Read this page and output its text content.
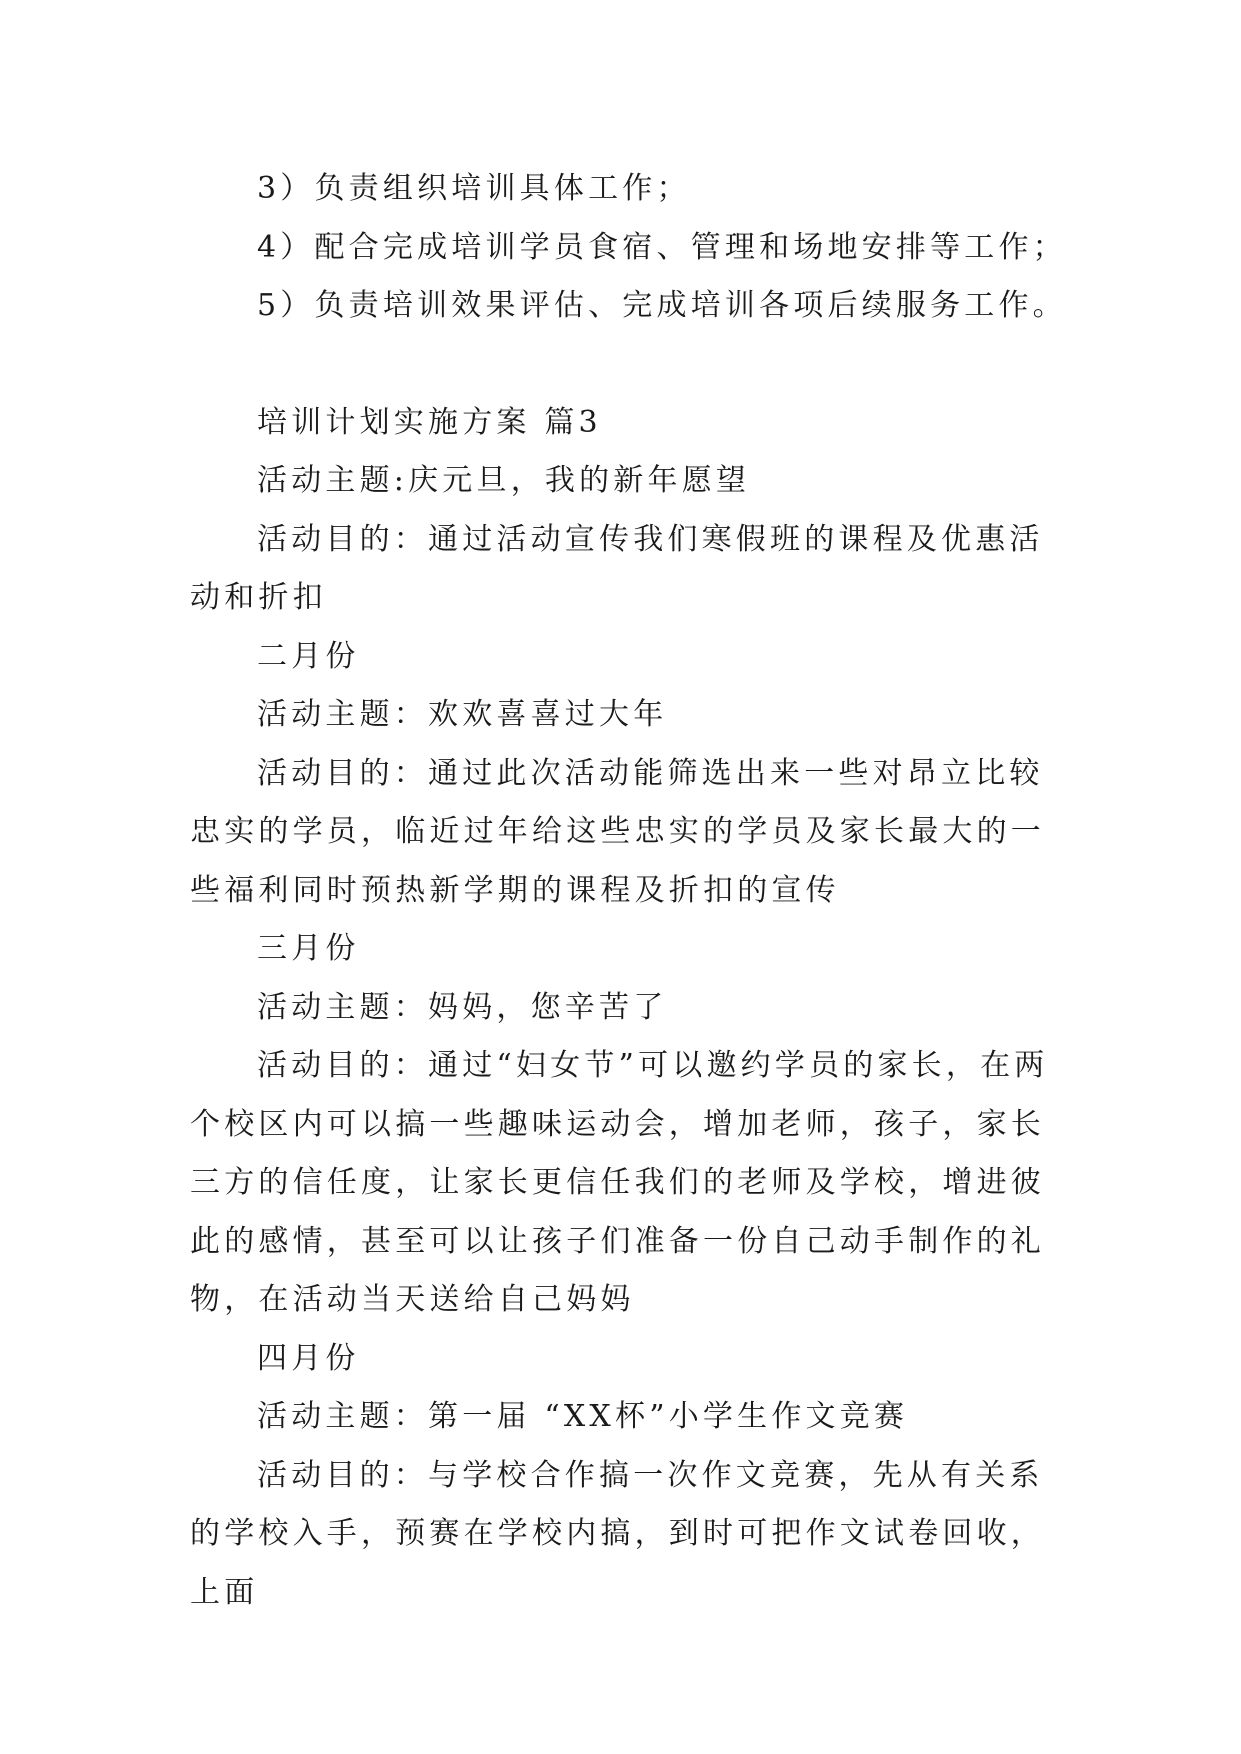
3）负责组织培训具体工作；
4）配合完成培训学员食宿、管理和场地安排等工作；
5）负责培训效果评估、完成培训各项后续服务工作。
培训计划实施方案 篇3
活动主题:庆元旦，我的新年愿望

活动目的：通过活动宣传我们寒假班的课程及优惠活动和折扣

二月份
活动主题：欢欢喜喜过大年

活动目的：通过此次活动能筛选出来一些对昂立比较忠实的学员，临近过年给这些忠实的学员及家长最大的一些福利同时预热新学期的课程及折扣的宣传

三月份
活动主题：妈妈，您辛苦了

活动目的：通过“妇女节”可以邀约学员的家长，在两个校区内可以搞一些趣味运动会，增加老师，孩子，家长三方的信任度，让家长更信任我们的老师及学校，增进彼此的感情，甚至可以让孩子们准备一份自己动手制作的礼物，在活动当天送给自己妈妈

四月份
活动主题：第一届 “XX杯”小学生作文竞赛

活动目的：与学校合作搞一次作文竞赛，先从有关系的学校入手，预赛在学校内搞，到时可把作文试卷回收，上面
